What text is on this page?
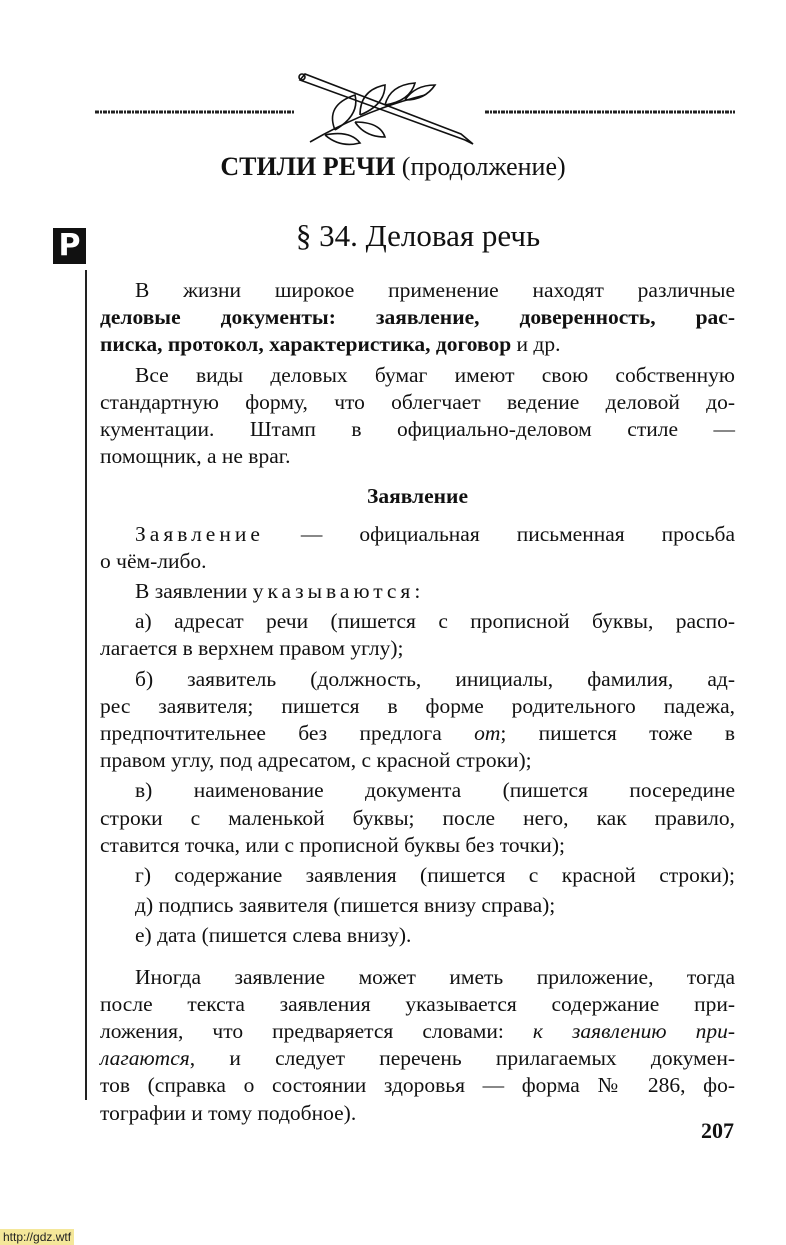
СТИЛИ РЕЧИ (продолжение)
Р	§ 34. Деловая речь
В жизни широкое применение находят различные
деловые документы: заявление, доверенность, рас-
писка, протокол, характеристика, договор и др.
Все виды деловых бумаг имеют свою собственную
стандартную форму, что облегчает ведение деловой до-
кументации. Штамп в официально-деловом стиле —
помощник, а не враг.
Заявление
Заявление — официальная письменная просьба
о чём-либо.
В заявлении указываются:
а) адресат речи (пишется с прописной буквы, распо-
лагается в верхнем правом углу);
б) заявитель (должность, инициалы, фамилия, ад-
рес заявителя; пишется в форме родительного падежа,
предпочтительнее без предлога от; пишется тоже в
правом углу, под адресатом, с красной строки);
в) наименование документа (пишется посередине
строки с маленькой буквы; после него, как правило,
ставится точка, или с прописной буквы без точки);
г) содержание заявления (пишется с красной строки);
д) подпись заявителя (пишется внизу справа);
е) дата (пишется слева внизу).
Иногда заявление может иметь приложение, тогда
после текста заявления указывается содержание при-
ложения, что предваряется словами: к заявлению при-
лагаются, и следует перечень прилагаемых докумен-
тов (справка о состоянии здоровья — форма № 286, фо-
тографии и тому подобное).
207
http://gdz.wtf
